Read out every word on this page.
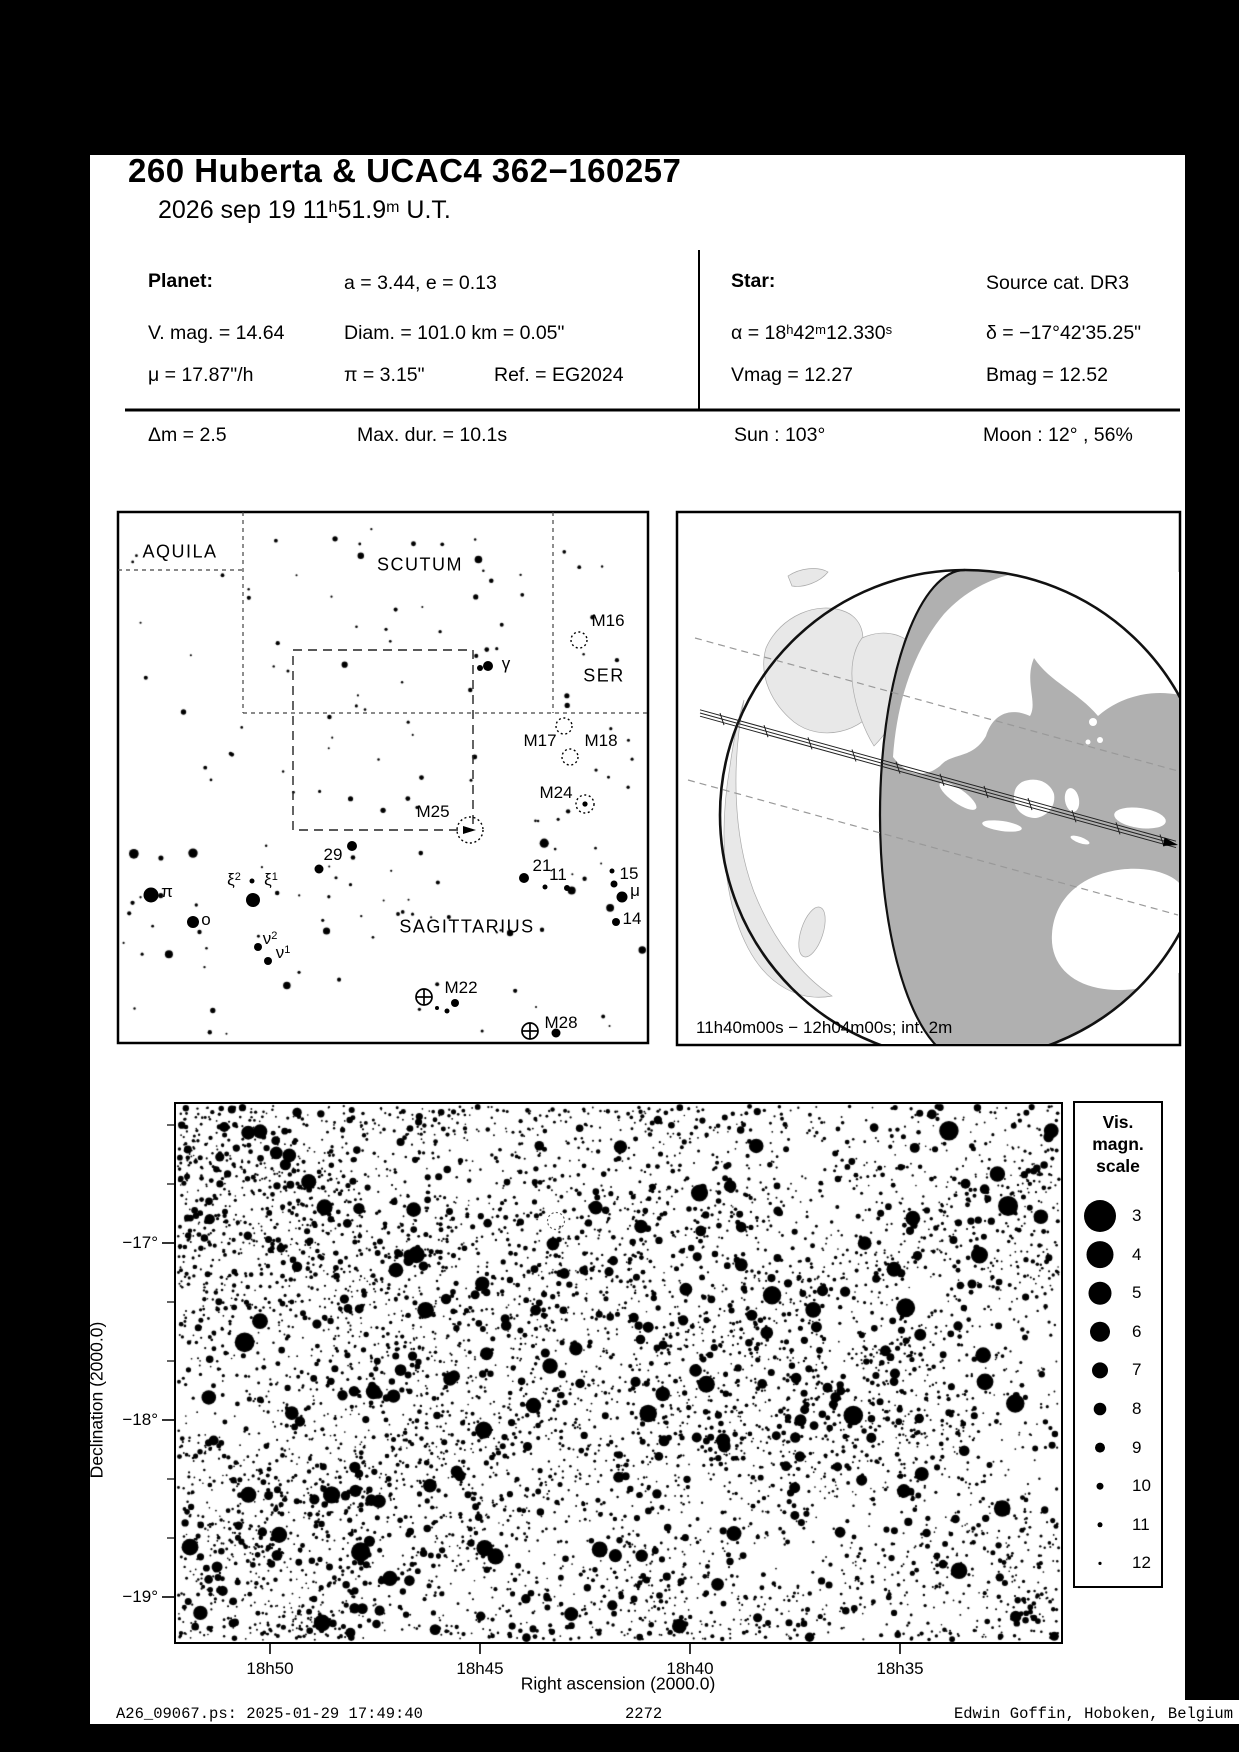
260 Huberta & UCAC4 362−160257
2026 sep 19 11$^h$51.9$^m$ U.T.
Planet:	a = 3.44, e = 0.13
V. mag. = 14.64	Diam. = 101.0 km = 0.05"
μ = 17.87"/h	π = 3.15"	Ref. = EG2024
Star:	Source cat. DR3
$\alpha = 18^h42^m12.330^s$	δ = −17°42'35.25"
Vmag = 12.27	Bmag = 12.52
Δm = 2.5	Max. dur. = 10.1s	Sun : 103°	Moon : 12° , 56%
11h40m00s − 12h04m00s; int. 2m
Right ascension (2000.0)
Declination (2000.0)
18h50	18h45	18h40	18h35
−17°
−18°
−19°
Vis.
magn.
scale
3
4
5
6
7
8
9
10
11
12
A26_09067.ps: 2025-01-29 17:49:40	2272	Edwin Goffin, Hoboken, Belgium
AQUILA
SCUTUM
SER
SAGITTARIUS
M16
M17 M18
M24
M25
M22
M28
γ
29
21	15
μ
14
11
π
o
$\xi^2$ $\xi^1$
$\nu^2$
$\nu^1$
